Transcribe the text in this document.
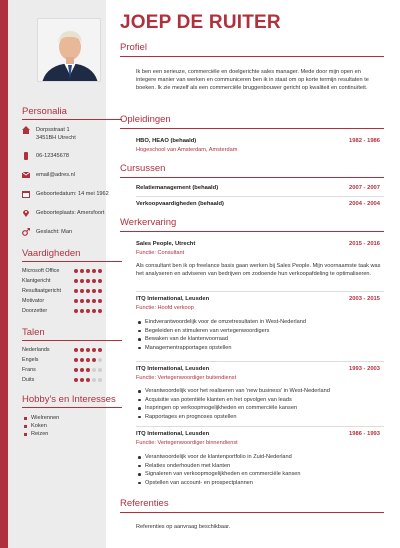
Personalia
Dorpsstraat 1
3451BH Utrecht
06-12345678
email@adres.nl
Geboortedatum: 14 mei 1962
Geboorteplaats: Amersfoort
Geslacht: Man
Vaardigheden
Microsoft Office
Klantgericht
Resultaatgericht
Motivator
Doorzetter
Talen
Nederlands
Engels
Frans
Duits
Hobby's en Interesses
Wielrennen
Koken
Reizen
JOEP DE RUITER
Profiel
Ik ben een serieuze, commerciële en doelgerichte sales manager. Mede door mijn open en integere manier van werken en communiceren ben ik in staat om op korte termijn resultaten te boeken. Ik zie mezelf als een commerciële bruggenbouwer gericht op kwaliteit en continuïteit.
Opleidingen
HBO, HEAO (behaald)	1982 - 1986
Hogeschool van Amsterdam, Amsterdam
Cursussen
Relatiemanagement (behaald)	2007 - 2007
Verkoopvaardigheden (behaald)	2004 - 2004
Werkervaring
Sales People, Utrecht	2015 - 2016
Functie: Consultant
Als consultant ben ik op freelance basis gaan werken bij Sales People. Mijn voornaamste taak was het analyseren en adviseren van bedrijven om zodoende hun verkoopafdeling te optimaliseren.
ITQ International, Leusden	2003 - 2015
Functie: Hoofd verkoop
Eindverantwoordelijk voor de omzetresultaten in West-Nederland
Begeleiden en stimuleren van vertegenwoordigers
Bewaken van de klantenvoorraad
Managementrapportages opstellen
ITQ International, Leusden	1993 - 2003
Functie: Vertegenwoordiger buitendienst
Verantwoordelijk voor het realiseren van 'new business' in West-Nederland
Acquisitie van potentiële klanten en het opvolgen van leads
Inspringen op verkoopmogelijkheden en commerciële kansen
Rapportages en prognoses opstellen
ITQ International, Leusden	1986 - 1993
Functie: Vertegenwoordiger binnendienst
Verantwoordelijk voor de klantenportfolio in Zuid-Nederland
Relaties onderhouden met klanten
Signaleren van verkoopmogelijkheden en commerciële kansen
Opstellen van account- en prospectplannen
Referenties
Referenties op aanvraag beschikbaar.
